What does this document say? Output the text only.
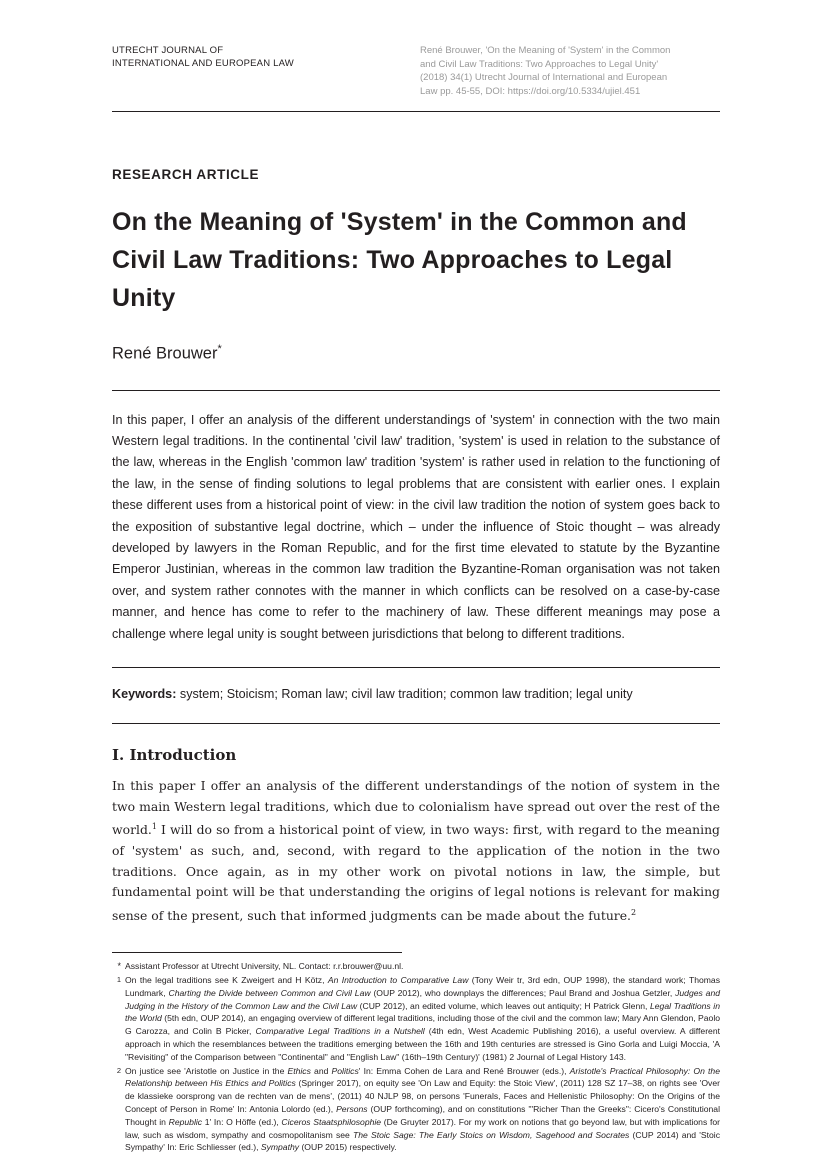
UTRECHT JOURNAL OF
INTERNATIONAL AND EUROPEAN LAW
René Brouwer, 'On the Meaning of 'System' in the Common
and Civil Law Traditions: Two Approaches to Legal Unity'
(2018) 34(1) Utrecht Journal of International and European
Law pp. 45-55, DOI: https://doi.org/10.5334/ujiel.451
RESEARCH ARTICLE
On the Meaning of 'System' in the Common and Civil Law Traditions: Two Approaches to Legal Unity
René Brouwer*
In this paper, I offer an analysis of the different understandings of 'system' in connection with the two main Western legal traditions. In the continental 'civil law' tradition, 'system' is used in relation to the substance of the law, whereas in the English 'common law' tradition 'system' is rather used in relation to the functioning of the law, in the sense of finding solutions to legal problems that are consistent with earlier ones. I explain these different uses from a historical point of view: in the civil law tradition the notion of system goes back to the exposition of substantive legal doctrine, which – under the influence of Stoic thought – was already developed by lawyers in the Roman Republic, and for the first time elevated to statute by the Byzantine Emperor Justinian, whereas in the common law tradition the Byzantine-Roman organisation was not taken over, and system rather connotes with the manner in which conflicts can be resolved on a case-by-case manner, and hence has come to refer to the machinery of law. These different meanings may pose a challenge where legal unity is sought between jurisdictions that belong to different traditions.
Keywords: system; Stoicism; Roman law; civil law tradition; common law tradition; legal unity
I. Introduction
In this paper I offer an analysis of the different understandings of the notion of system in the two main Western legal traditions, which due to colonialism have spread out over the rest of the world.$^1$ I will do so from a historical point of view, in two ways: first, with regard to the meaning of 'system' as such, and, second, with regard to the application of the notion in the two traditions. Once again, as in my other work on pivotal notions in law, the simple, but fundamental point will be that understanding the origins of legal notions is relevant for making sense of the present, such that informed judgments can be made about the future.$^2$
* Assistant Professor at Utrecht University, NL. Contact: r.r.brouwer@uu.nl.
1 On the legal traditions see K Zweigert and H Kötz, An Introduction to Comparative Law (Tony Weir tr, 3rd edn, OUP 1998), the standard work; Thomas Lundmark, Charting the Divide between Common and Civil Law (OUP 2012), who downplays the differences; Paul Brand and Joshua Getzler, Judges and Judging in the History of the Common Law and the Civil Law (CUP 2012), an edited volume, which leaves out antiquity; H Patrick Glenn, Legal Traditions in the World (5th edn, OUP 2014), an engaging overview of different legal traditions, including those of the civil and the common law; Mary Ann Glendon, Paolo G Carozza, and Colin B Picker, Comparative Legal Traditions in a Nutshell (4th edn, West Academic Publishing 2016), a useful overview. A different approach in which the resemblances between the traditions emerging between the 16th and 19th centuries are stressed is Gino Gorla and Luigi Moccia, 'A "Revisiting" of the Comparison between "Continental" and "English Law" (16th–19th Century)' (1981) 2 Journal of Legal History 143.
2 On justice see 'Aristotle on Justice in the Ethics and Politics' In: Emma Cohen de Lara and René Brouwer (eds.), Aristotle's Practical Philosophy: On the Relationship between His Ethics and Politics (Springer 2017), on equity see 'On Law and Equity: the Stoic View', (2011) 128 SZ 17–38, on rights see 'Over de klassieke oorsprong van de rechten van de mens', (2011) 40 NJLP 98, on persons 'Funerals, Faces and Hellenistic Philosophy: On the Origins of the Concept of Person in Rome' In: Antonia Lolordo (ed.), Persons (OUP forthcoming), and on constitutions '"Richer Than the Greeks": Cicero's Constitutional Thought in Republic 1' In: O Höffe (ed.), Ciceros Staatsphilosophie (De Gruyter 2017). For my work on notions that go beyond law, but with implications for law, such as wisdom, sympathy and cosmopolitanism see The Stoic Sage: The Early Stoics on Wisdom, Sagehood and Socrates (CUP 2014) and 'Stoic Sympathy' In: Eric Schliesser (ed.), Sympathy (OUP 2015) respectively.
